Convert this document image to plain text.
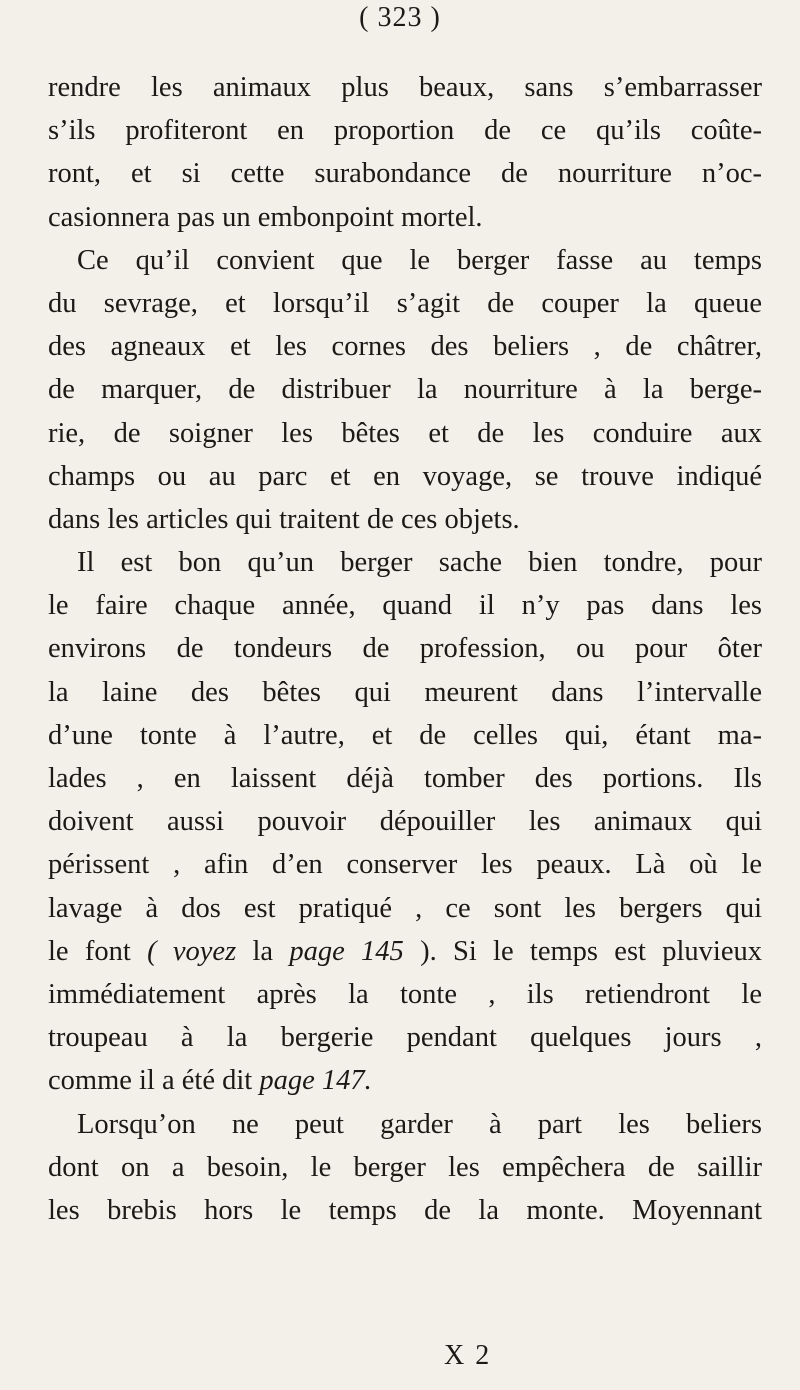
( 323 )
rendre les animaux plus beaux, sans s’embarrasser
s’ils profiteront en proportion de ce qu’ils coûte-
ront, et si cette surabondance de nourriture n’oc-
casionnera pas un embonpoint mortel.
Ce qu’il convient que le berger fasse au temps
du sevrage, et lorsqu’il s’agit de couper la queue
des agneaux et les cornes des beliers , de châtrer,
de marquer, de distribuer la nourriture à la berge-
rie, de soigner les bêtes et de les conduire aux
champs ou au parc et en voyage, se trouve indiqué
dans les articles qui traitent de ces objets.
Il est bon qu’un berger sache bien tondre, pour
le faire chaque année, quand il n’y pas dans les
environs de tondeurs de profession, ou pour ôter
la laine des bêtes qui meurent dans l’intervalle
d’une tonte à l’autre, et de celles qui, étant ma-
lades , en laissent déjà tomber des portions. Ils
doivent aussi pouvoir dépouiller les animaux qui
périssent , afin d’en conserver les peaux. Là où le
lavage à dos est pratiqué , ce sont les bergers qui
le font ( voyez la page 145 ). Si le temps est pluvieux
immédiatement après la tonte , ils retiendront le
troupeau à la bergerie pendant quelques jours ,
comme il a été dit page 147.
Lorsqu’on ne peut garder à part les beliers
dont on a besoin, le berger les empêchera de saillir
les brebis hors le temps de la monte. Moyennant
X 2
